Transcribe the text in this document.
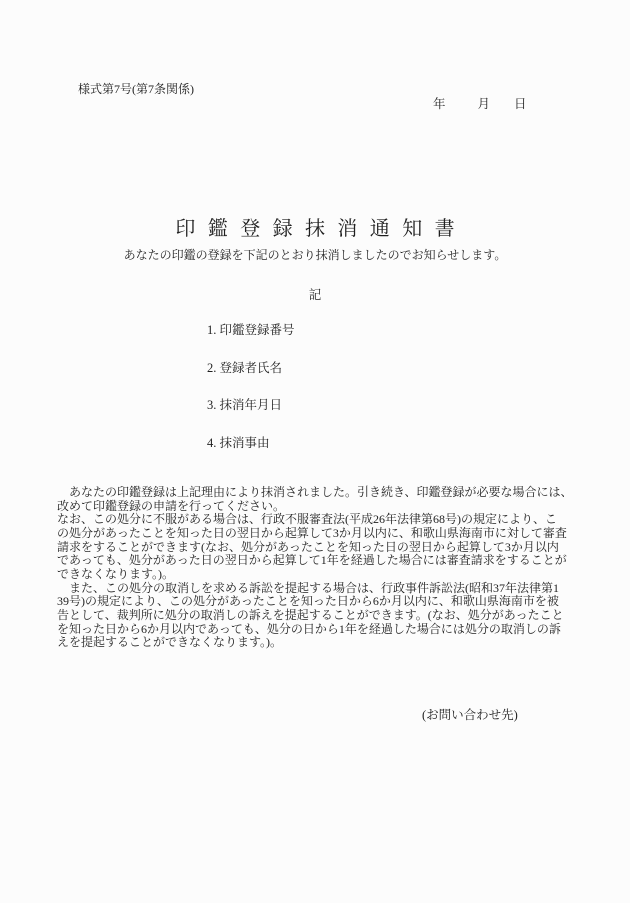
様式第7号(第7条関係)
年	月 日
印鑑登録抹消通知書
あなたの印鑑の登録を下記のとおり抹消しましたのでお知らせします。
記
1. 印鑑登録番号
2. 登録者氏名
3. 抹消年月日
4. 抹消事由
　あなたの印鑑登録は上記理由により抹消されました。引き続き、印鑑登録が必要な場合には、
改めて印鑑登録の申請を行ってください。
なお、この処分に不服がある場合は、行政不服審査法(平成26年法律第68号)の規定により、こ
の処分があったことを知った日の翌日から起算して3か月以内に、和歌山県海南市に対して審査
請求をすることができます(なお、処分があったことを知った日の翌日から起算して3か月以内
であっても、処分があった日の翌日から起算して1年を経過した場合には審査請求をすることが
できなくなります。)。
　また、この処分の取消しを求める訴訟を提起する場合は、行政事件訴訟法(昭和37年法律第1
39号)の規定により、この処分があったことを知った日から6か月以内に、和歌山県海南市を被
告として、裁判所に処分の取消しの訴えを提起することができます。(なお、処分があったこと
を知った日から6か月以内であっても、処分の日から1年を経過した場合には処分の取消しの訴
えを提起することができなくなります。)。
(お問い合わせ先)
